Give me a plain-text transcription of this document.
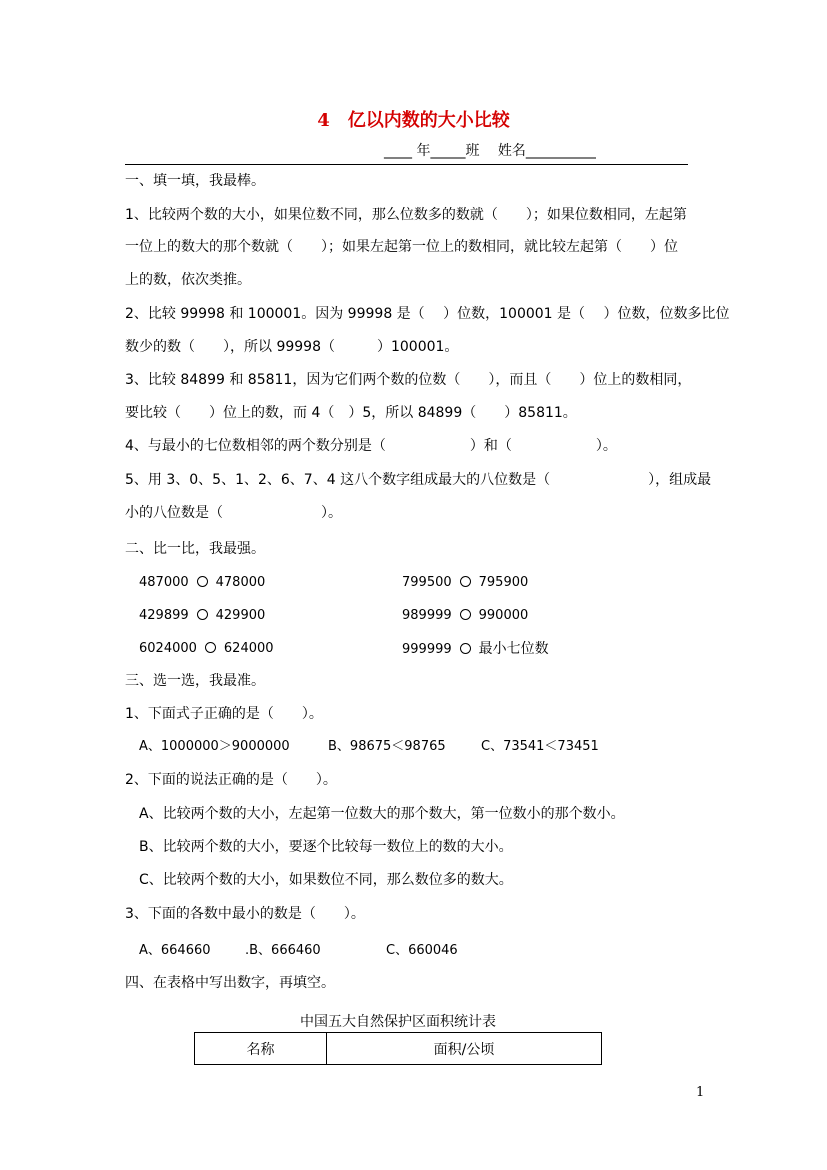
4　亿以内数的大小比较
____ 年_____班　 姓名__________
一、填一填，我最棒。
1、比较两个数的大小，如果位数不同，那么位数多的数就（　　）；如果位数相同，左起第
一位上的数大的那个数就（　　）；如果左起第一位上的数相同，就比较左起第（　　）位
上的数，依次类推。
2、比较 99998 和 100001。因为 99998 是（　 ）位数，100001 是（　 ）位数，位数多比位
数少的数（　　），所以 99998（　　　）100001。
3、比较 84899 和 85811，因为它们两个数的位数（　　），而且（　　）位上的数相同，
要比较（　　）位上的数，而 4（　）5，所以 84899（　　）85811。
4、与最小的七位数相邻的两个数分别是（　　　　　　）和（　　　　　　）。
5、用 3、0、5、1、2、6、7、4 这八个数字组成最大的八位数是（　　　　　　　），组成最
小的八位数是（　　　　　　　）。
二、比一比，我最强。
487000 478000	799500 795900
429899 429900	989999 990000
6024000 624000	999999 最小七位数
三、选一选，我最准。
1、下面式子正确的是（　　）。
A、1000000＞9000000	B、98675＜98765	C、73541＜73451
2、下面的说法正确的是（　　）。
A、比较两个数的大小，左起第一位数大的那个数大，第一位数小的那个数小。
B、比较两个数的大小，要逐个比较每一数位上的数的大小。
C、比较两个数的大小，如果数位不同，那么数位多的数大。
3、下面的各数中最小的数是（　　）。
A、664660	.B、666460	C、660046
四、在表格中写出数字，再填空。
中国五大自然保护区面积统计表
名称	面积/公顷
1
